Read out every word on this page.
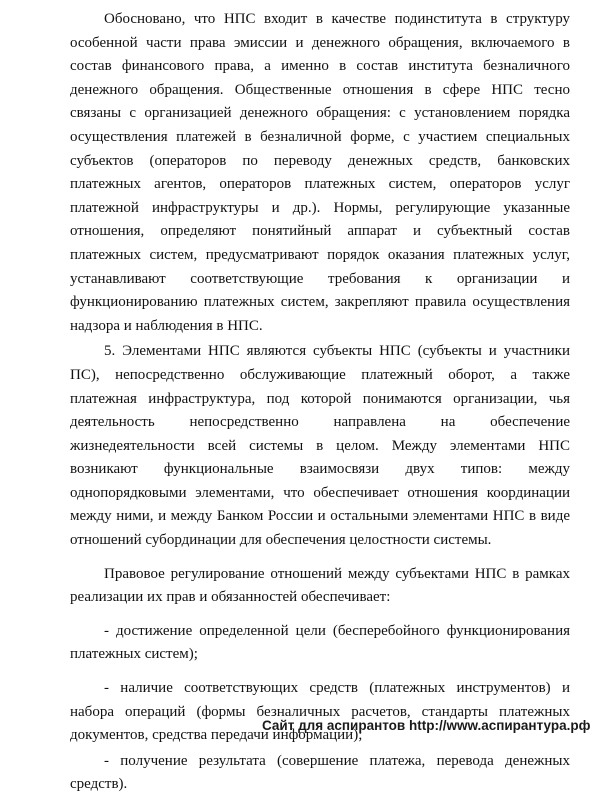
Обосновано, что НПС входит в качестве подинститута в структуру особенной части права эмиссии и денежного обращения, включаемого в состав финансового права, а именно в состав института безналичного денежного обращения. Общественные отношения в сфере НПС тесно связаны с организацией денежного обращения: с установлением порядка осуществления платежей в безналичной форме, с участием специальных субъектов (операторов по переводу денежных средств, банковских платежных агентов, операторов платежных систем, операторов услуг платежной инфраструктуры и др.). Нормы, регулирующие указанные отношения, определяют понятийный аппарат и субъектный состав платежных систем, предусматривают порядок оказания платежных услуг, устанавливают соответствующие требования к организации и функционированию платежных систем, закрепляют правила осуществления надзора и наблюдения в НПС.

5. Элементами НПС являются субъекты НПС (субъекты и участники ПС), непосредственно обслуживающие платежный оборот, а также платежная инфраструктура, под которой понимаются организации, чья деятельность непосредственно направлена на обеспечение жизнедеятельности всей системы в целом. Между элементами НПС возникают функциональные взаимосвязи двух типов: между однопорядковыми элементами, что обеспечивает отношения координации между ними, и между Банком России и остальными элементами НПС в виде отношений субординации для обеспечения целостности системы.

Правовое регулирование отношений между субъектами НПС в рамках реализации их прав и обязанностей обеспечивает:

- достижение определенной цели (бесперебойного функционирования платежных систем);

- наличие соответствующих средств (платежных инструментов) и набора операций (формы безналичных расчетов, стандарты платежных документов, средства передачи информации);

- получение результата (совершение платежа, перевода денежных средств).

Сайт для аспирантов http://www.аспирантура.рф
